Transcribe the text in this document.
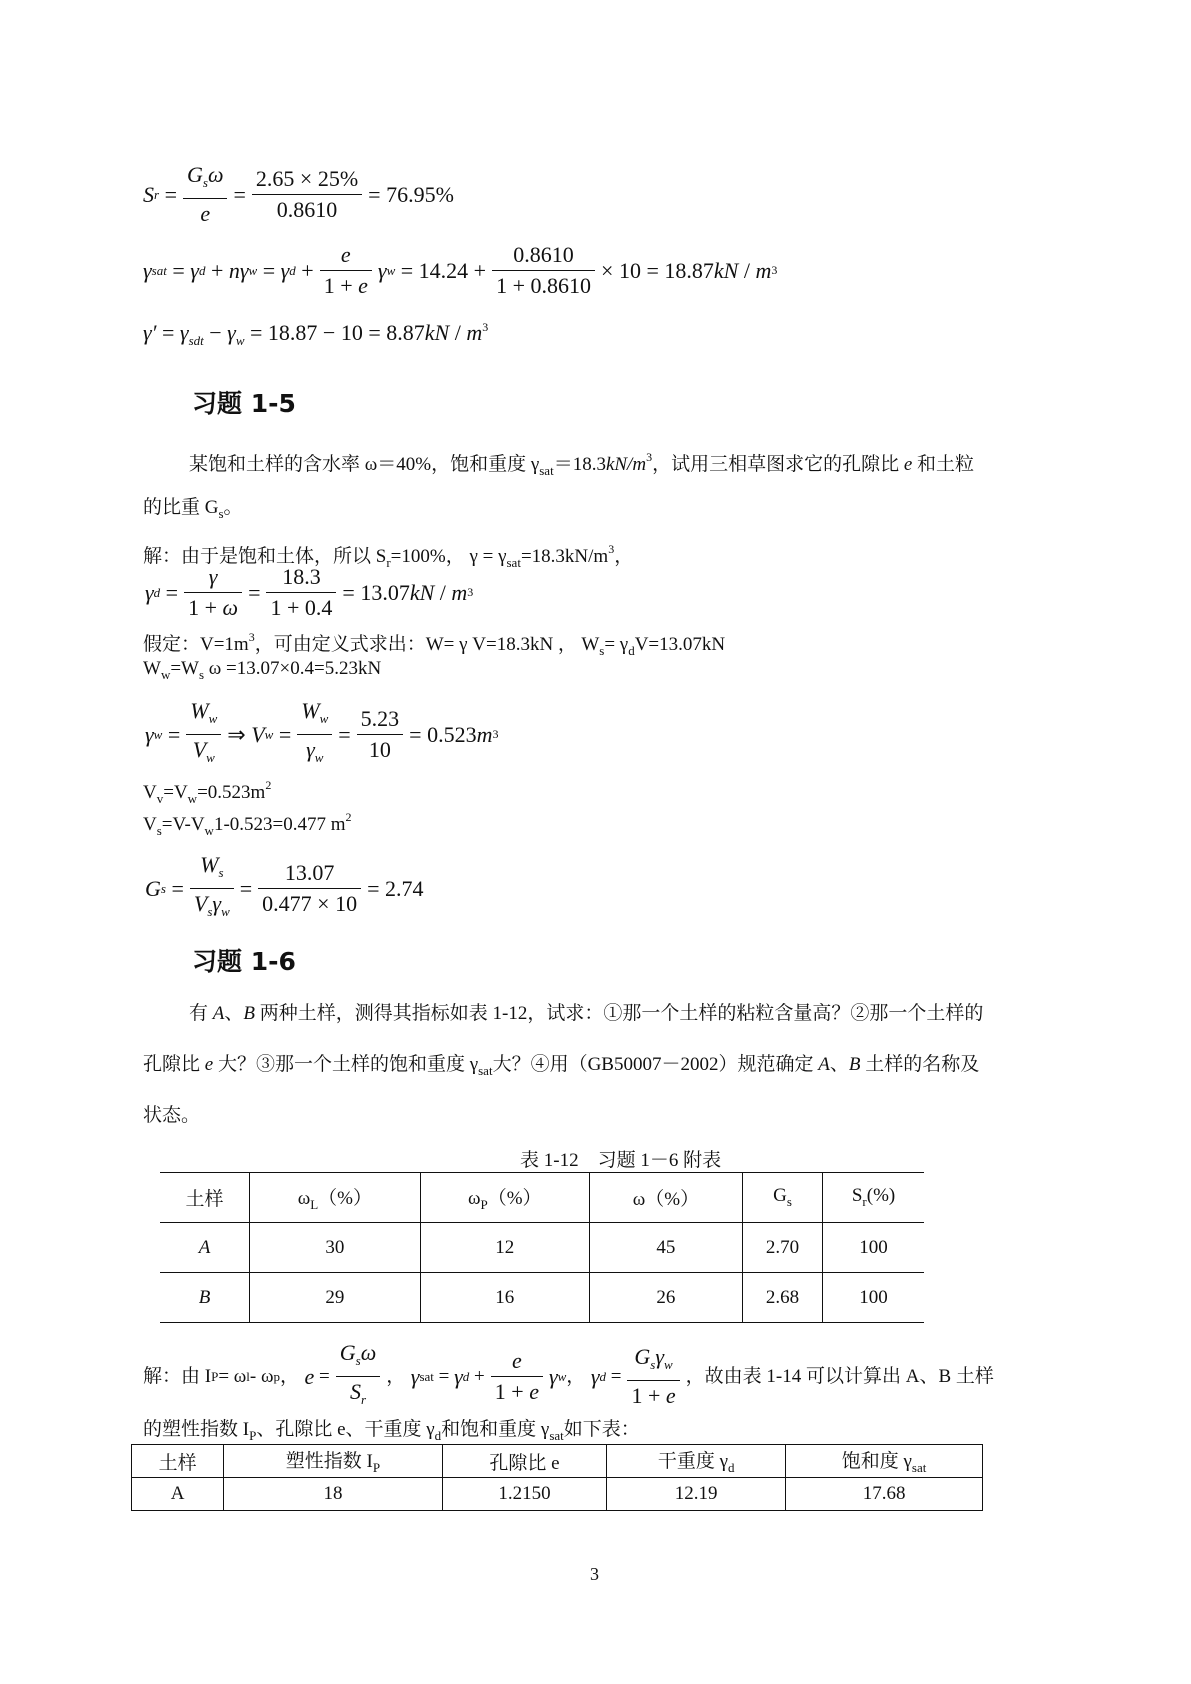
S $r = \frac{G_s\omega}{e} = \frac{2.65 \times 25\%}{0.8610} = 76.95\%$
γ sat = γ d + nγ w = γ $d + \frac{e}{1 + e}$ γ $w = 14.24 + \frac{0.8610}{1 + 0.8610} \times 10 = 18.87$ kN / m 3
$\gamma' = \gamma_{sdt} - \gamma_w = 18.87 - 10 = 8.87kN / m^3$
习题 1-5
某饱和土样的含水率 ω＝40%，饱和重度 $\gamma_{sat}=18.3kN/m^3$，试用三相草图求它的孔隙比 e 和土粒
的比重 $G_s$。
解：由于是饱和土体，所以 $S_r=100\%$， $\gamma = \gamma_{sat}=18.3kN/m^3$，
γ $d = \frac{\gamma}{1 + \omega} = \frac{18.3}{1 + 0.4} = 13.07$ kN / m 3
假定：$V=1m^3$，可由定义式求出：W= γ V=18.3kN ， $W_s= \gamma_dV=13.07kN$
$W_w=W_s$ ω =13.07×0.4=5.23kN
γ $w = \frac{W_w}{V_w}$ ⇒ V $w = \frac{W_w}{\gamma_w} = \frac{5.23}{10} = 0.523$ m 3
$V_v=V_w=0.523m^2$
$V_s=V-V_w1-0.523=0.477$ $m^2$
G $s = \frac{W_s}{V_s\gamma_w} = \frac{13.07}{0.477 \times 10} = 2.74$
习题 1-6
有 A、B 两种土样，测得其指标如表 1-12，试求：①那一个土样的粘粒含量高？②那一个土样的
孔隙比 e 大？③那一个土样的饱和重度 $\gamma_{sat}$大？④用（GB50007－2002）规范确定 A、B 土样的名称及
状态。
表 1-12　习题 1－6 附表
土样	$\omega_L(\%)$	$\omega_P(\%)$	ω（%）	$G_s$	$S_r(\%)$
A	30	12	45	2.70	100
B	29	16	26	2.68	100
解：由 I P = ω l - ω p ， $e = \frac{G_s\omega}{S_r}$ ， γ sat = γ $d + \frac{e}{1 + e}$ γ w ， γ $d = \frac{G_s\gamma_w}{1 + e}$ ，故由表 1-14 可以计算出 A、B 土样
的塑性指数 $I_P$、孔隙比 e、干重度 $\gamma_d$和饱和重度 $\gamma_{sat}$如下表：
土样	塑性指数 $I_P$	孔隙比 e	干重度 $\gamma_d$	饱和度 $\gamma_{sat}$
A	18	1.2150	12.19	17.68
3
